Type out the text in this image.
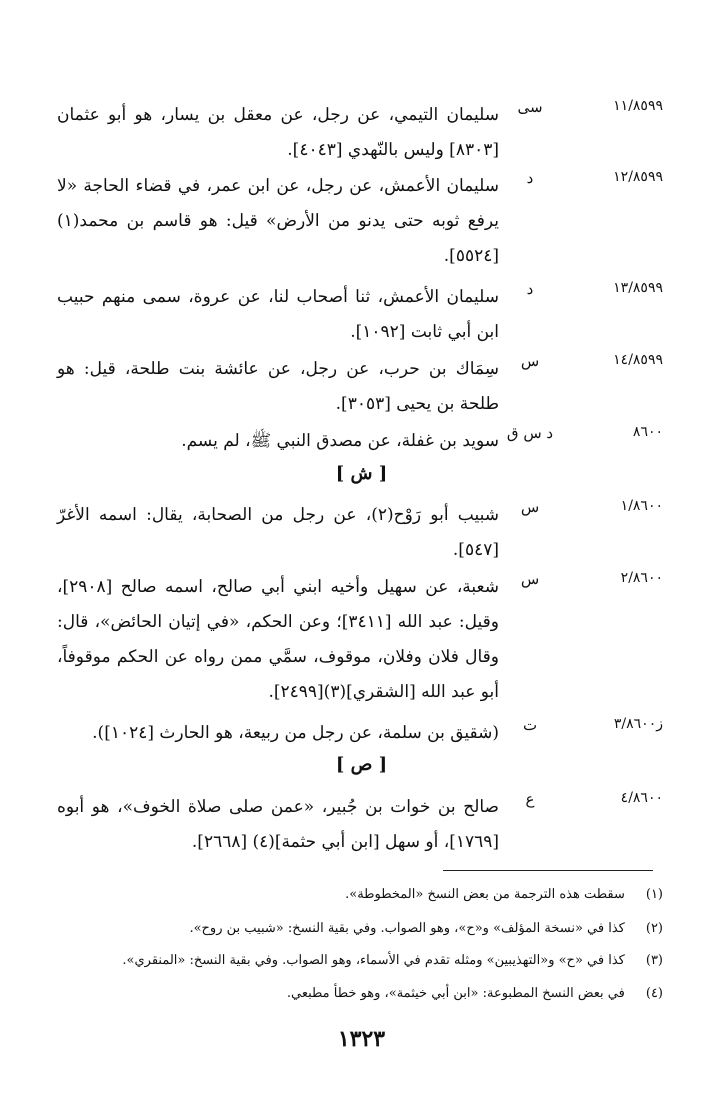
١١/٨٥٩٩
سى
سليمان التيمي، عن رجل، عن معقل بن يسار، هو أبو عثمان [٨٣٠٣] وليس بالنّهدي [٤٠٤٣].
١٢/٨٥٩٩
د
سليمان الأعمش، عن رجل، عن ابن عمر، في قضاء الحاجة «لا يرفع ثوبه حتى يدنو من الأرض» قيل: هو قاسم بن محمد(١) [٥٥٢٤].
١٣/٨٥٩٩
د
سليمان الأعمش، ثنا أصحاب لنا، عن عروة، سمى منهم حبيب ابن أبي ثابت [١٠٩٢].
١٤/٨٥٩٩
س
سِمَاك بن حرب، عن رجل، عن عائشة بنت طلحة، قيل: هو طلحة بن يحيى [٣٠٥٣].
٨٦٠٠
د س ق
سويد بن غفلة، عن مصدق النبي ﷺ، لم يسم.
[ ش ]
١/٨٦٠٠
س
شبيب أبو رَوْح(٢)، عن رجل من الصحابة، يقال: اسمه الأغرّ [٥٤٧].
٢/٨٦٠٠
س
شعبة، عن سهيل وأخيه ابني أبي صالح، اسمه صالح [٢٩٠٨]، وقيل: عبد الله [٣٤١١]؛ وعن الحكم، «في إتيان الحائض»، قال: وقال فلان وفلان، موقوف، سمَّي ممن رواه عن الحكم موقوفاً، أبو عبد الله [الشقري](٣)[٢٤٩٩].
ز٣/٨٦٠٠
ت
(شقيق بن سلمة، عن رجل من ربيعة، هو الحارث [١٠٢٤]).
[ ص ]
٤/٨٦٠٠
ع
صالح بن خوات بن جُبير، «عمن صلى صلاة الخوف»، هو أبوه [١٧٦٩]، أو سهل [ابن أبي حثمة](٤) [٢٦٦٨].
(١) سقطت هذه الترجمة من بعض النسخ «المخطوطة».
(٢) كذا في «نسخة المؤلف» و«ح»، وهو الصواب. وفي بقية النسخ: «شبيب بن روح».
(٣) كذا في «ح» و«التهذيبين» ومثله تقدم في الأسماء، وهو الصواب. وفي بقية النسخ: «المنقري».
(٤) في بعض النسخ المطبوعة: «ابن أبي خيثمة»، وهو خطأ مطبعي.
١٣٢٣
